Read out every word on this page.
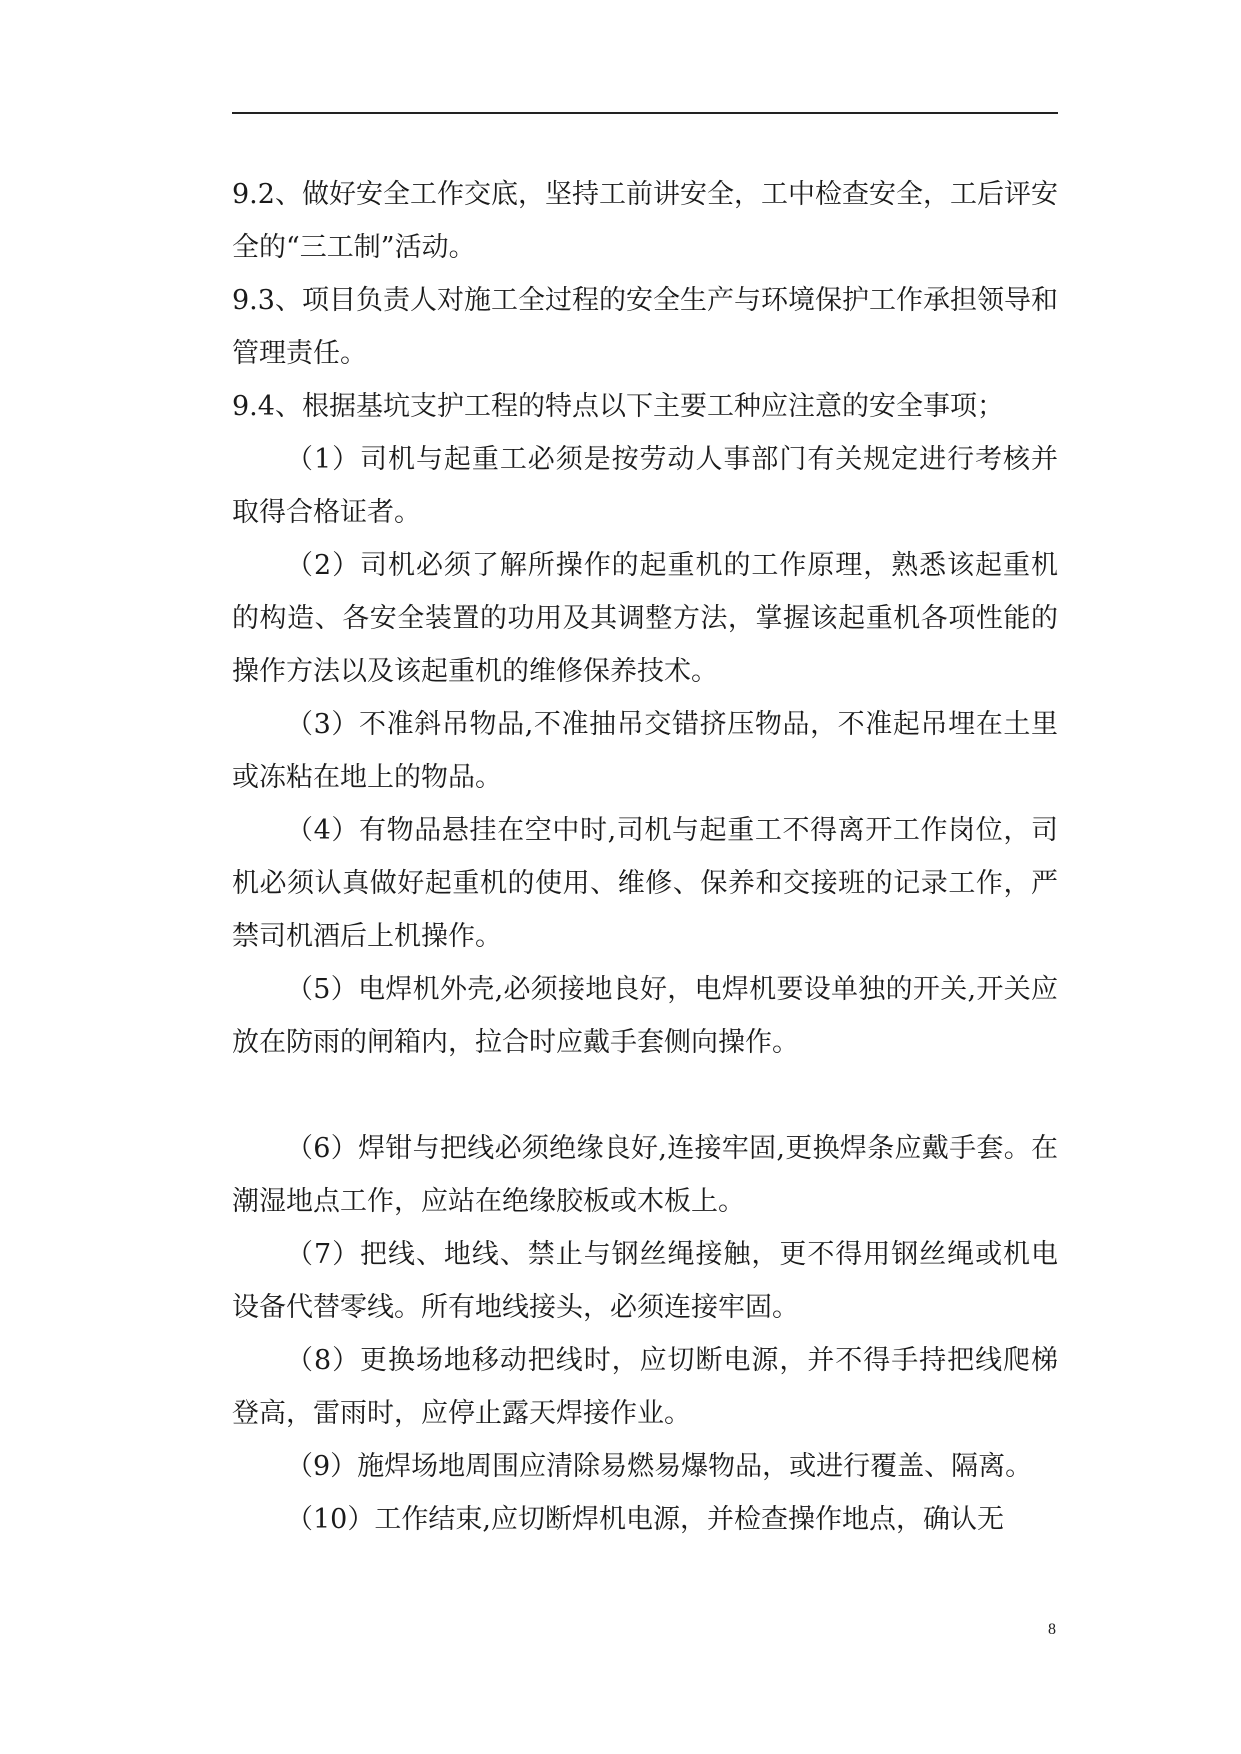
9.2、做好安全工作交底，坚持工前讲安全，工中检查安全，工后评安全的“三工制”活动。

9.3、项目负责人对施工全过程的安全生产与环境保护工作承担领导和管理责任。

9.4、根据基坑支护工程的特点以下主要工种应注意的安全事项；

（1）司机与起重工必须是按劳动人事部门有关规定进行考核并取得合格证者。

（2）司机必须了解所操作的起重机的工作原理，熟悉该起重机的构造、各安全装置的功用及其调整方法，掌握该起重机各项性能的操作方法以及该起重机的维修保养技术。

（3）不准斜吊物品,不准抽吊交错挤压物品，不准起吊埋在土里或冻粘在地上的物品。

（4）有物品悬挂在空中时,司机与起重工不得离开工作岗位，司机必须认真做好起重机的使用、维修、保养和交接班的记录工作，严禁司机酒后上机操作。

（5）电焊机外壳,必须接地良好，电焊机要设单独的开关,开关应放在防雨的闸箱内，拉合时应戴手套侧向操作。

（6）焊钳与把线必须绝缘良好,连接牢固,更换焊条应戴手套。在潮湿地点工作，应站在绝缘胶板或木板上。

（7）把线、地线、禁止与钢丝绳接触，更不得用钢丝绳或机电设备代替零线。所有地线接头，必须连接牢固。

（8）更换场地移动把线时，应切断电源，并不得手持把线爬梯登高，雷雨时，应停止露天焊接作业。

（9）施焊场地周围应清除易燃易爆物品，或进行覆盖、隔离。

（10）工作结束,应切断焊机电源，并检查操作地点，确认无

8
